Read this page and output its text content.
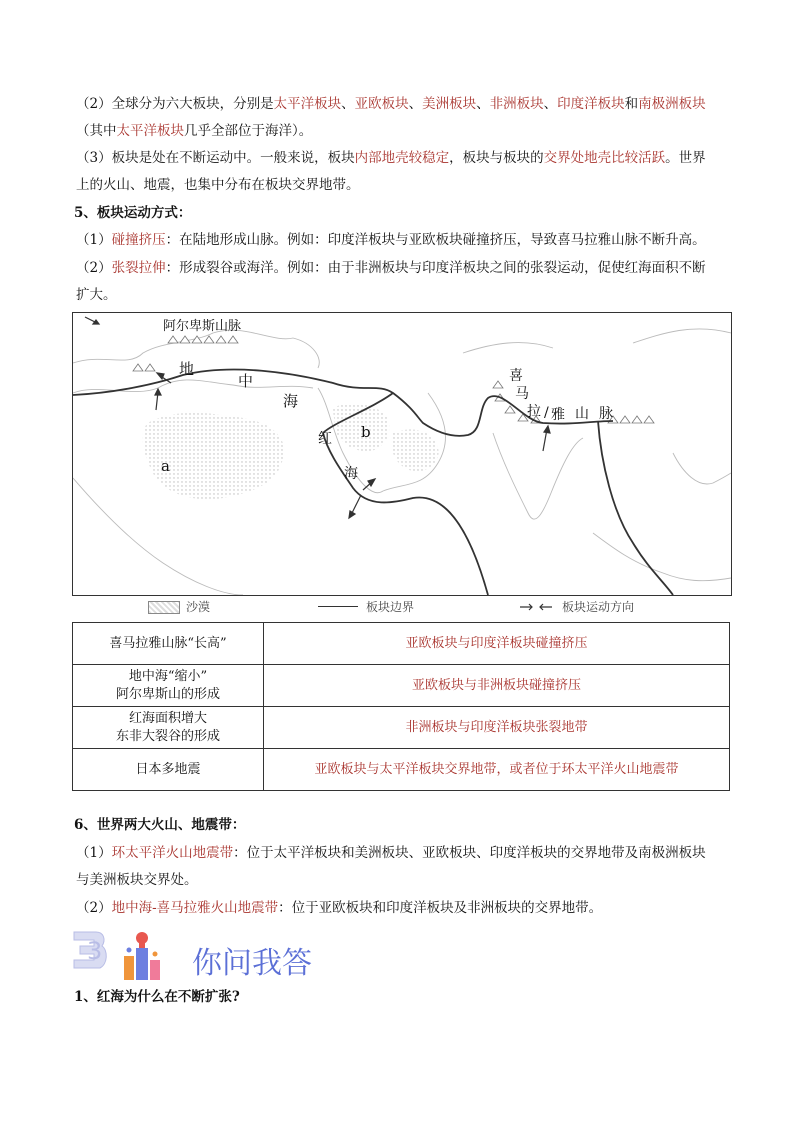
（2）全球分为六大板块，分别是太平洋板块、亚欧板块、美洲板块、非洲板块、印度洋板块和南极洲板块
（其中太平洋板块几乎全部位于海洋）。
（3）板块是处在不断运动中。一般来说，板块内部地壳较稳定，板块与板块的交界处地壳比较活跃。世界
上的火山、地震，也集中分布在板块交界地带。
5、板块运动方式：
（1）碰撞挤压：在陆地形成山脉。例如：印度洋板块与亚欧板块碰撞挤压，导致喜马拉雅山脉不断升高。
（2）张裂拉伸：形成裂谷或海洋。例如：由于非洲板块与印度洋板块之间的张裂运动，促使红海面积不断
扩大。
阿尔卑斯山脉
地
中
海
红
海
b
a
喜
马
拉 / 雅 山 脉
沙漠	板块边界	板块运动方向
喜马拉雅山脉“长高”	亚欧板块与印度洋板块碰撞挤压
地中海“缩小”
阿尔卑斯山的形成	亚欧板块与非洲板块碰撞挤压
红海面积增大
东非大裂谷的形成	非洲板块与印度洋板块张裂地带
日本多地震	亚欧板块与太平洋板块交界地带，或者位于环太平洋火山地震带
6、世界两大火山、地震带：
（1）环太平洋火山地震带：位于太平洋板块和美洲板块、亚欧板块、印度洋板块的交界地带及南极洲板块
与美洲板块交界处。
（2）地中海-喜马拉雅火山地震带：位于亚欧板块和印度洋板块及非洲板块的交界地带。
3	你问我答
1、红海为什么在不断扩张?
